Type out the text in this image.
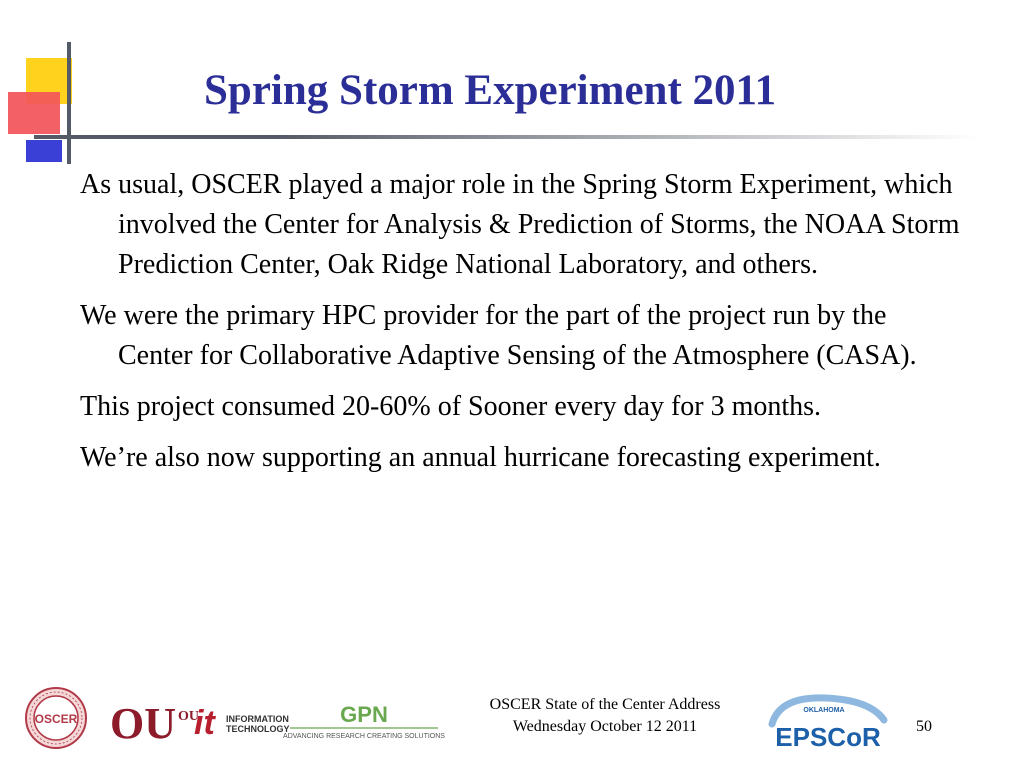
Spring Storm Experiment 2011
As usual, OSCER played a major role in the Spring Storm Experiment, which involved the Center for Analysis & Prediction of Storms, the NOAA Storm Prediction Center, Oak Ridge National Laboratory, and others.
We were the primary HPC provider for the part of the project run by the Center for Collaborative Adaptive Sensing of the Atmosphere (CASA).
This project consumed 20-60% of Sooner every day for 3 months.
We’re also now supporting an annual hurricane forecasting experiment.
OSCER OU OU
it INFORMATION
TECHNOLOGY
GPN
ADVANCING RESEARCH CREATING SOLUTIONS
OSCER State of the Center Address
Wednesday October 12 2011
OKLAHOMA
EPSCoR 50
